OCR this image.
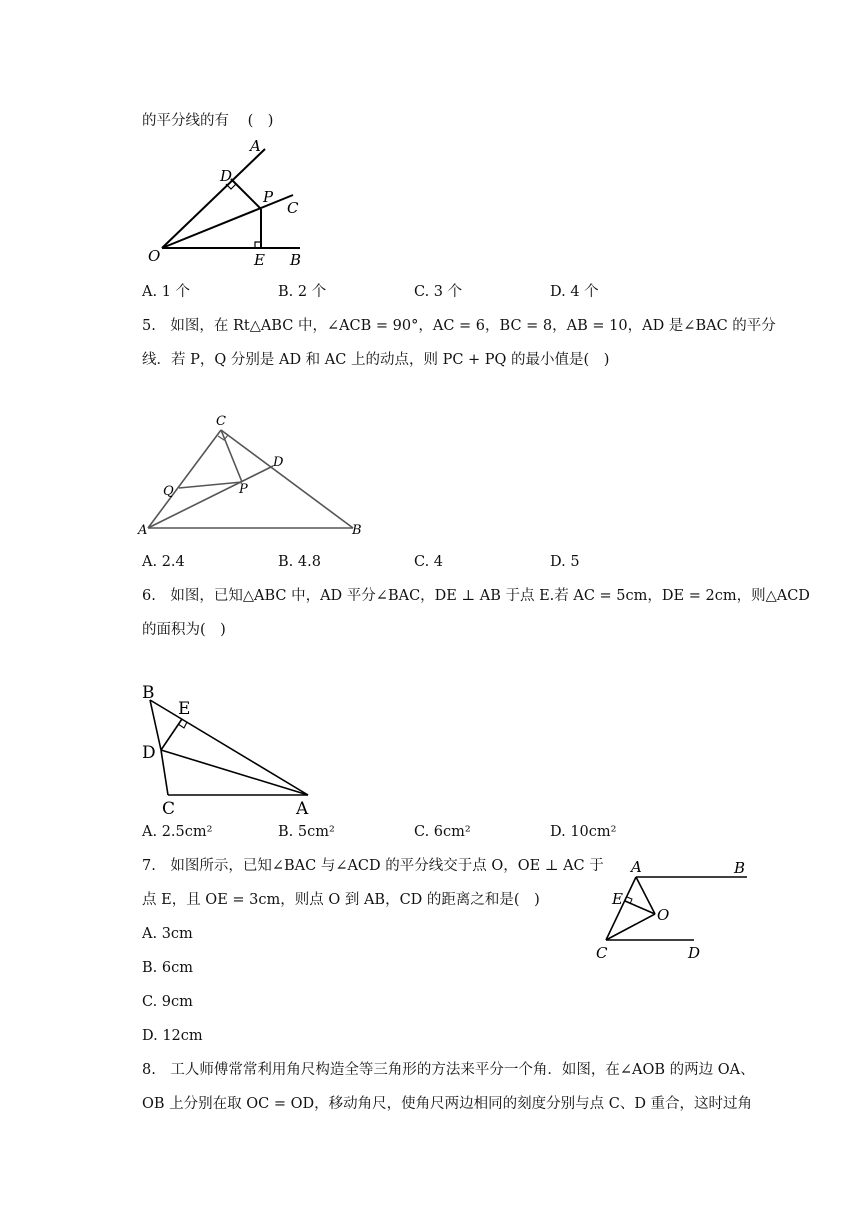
的平分线的有 (　)
A
D
P
C
O	E B
A. 1 个	B. 2 个	C. 3 个	D. 4 个
5.　如图，在 Rt△ABC 中，∠ACB = 90°，AC = 6，BC = 8，AB = 10，AD 是∠BAC 的平分
线．若 P，Q 分别是 AD 和 AC 上的动点，则 PC + PQ 的最小值是(　)
C
D
Q	P
A	B
A. 2.4	B. 4.8	C. 4	D. 5
6.　如图，已知△ABC 中，AD 平分∠BAC，DE ⊥ AB 于点 E.若 AC = 5cm，DE = 2cm，则△ACD
的面积为(　)
B
E
D
C	A
A. 2.5cm²	B. 5cm²	C. 6cm²	D. 10cm²
7.　如图所示，已知∠BAC 与∠ACD 的平分线交于点 O，OE ⊥ AC 于
点 E，且 OE = 3cm，则点 O 到 AB，CD 的距离之和是(　)
A	B
E
O
C	D
A. 3cm
B. 6cm
C. 9cm
D. 12cm
8.　工人师傅常常利用角尺构造全等三角形的方法来平分一个角．如图，在∠AOB 的两边 OA、
OB 上分别在取 OC = OD，移动角尺，使角尺两边相同的刻度分别与点 C、D 重合，这时过角
